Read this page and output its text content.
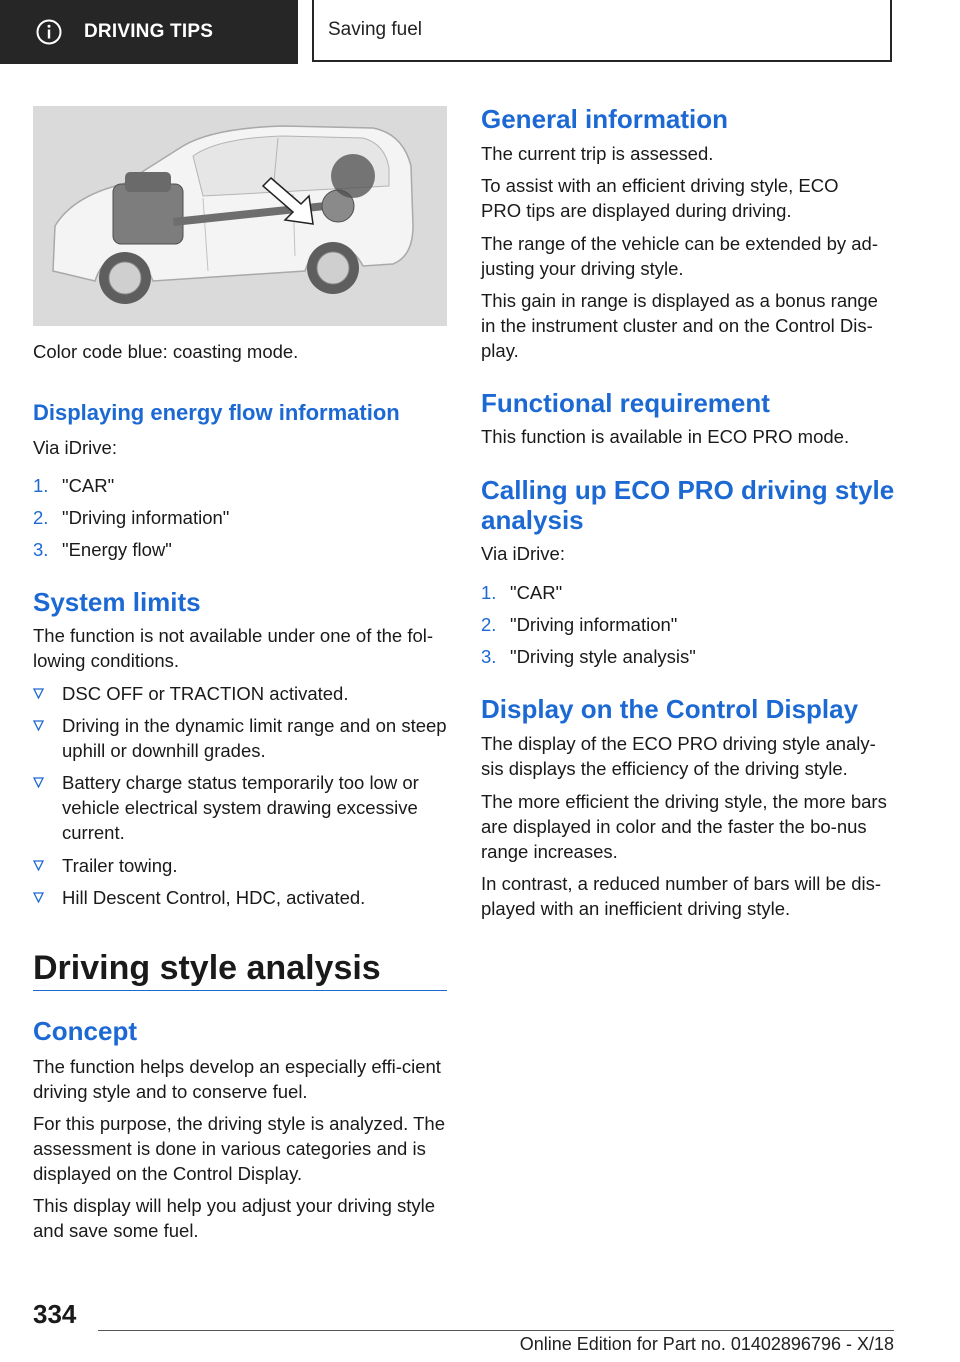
DRIVING TIPS	Saving fuel

Color code blue: coasting mode.

Displaying energy flow information

Via iDrive:

1. "CAR"
2. "Driving information"
3. "Energy flow"
System limits

The function is not available under one of the fol‐lowing conditions.

DSC OFF or TRACTION activated.
Driving in the dynamic limit range and on steep uphill or downhill grades.
Battery charge status temporarily too low or vehicle electrical system drawing excessive current.
Trailer towing.
Hill Descent Control, HDC, activated.
Driving style analysis
Concept

The function helps develop an especially effi‐cient driving style and to conserve fuel.

For this purpose, the driving style is analyzed. The assessment is done in various categories and is displayed on the Control Display.

This display will help you adjust your driving style and save some fuel.

General information

The current trip is assessed.

To assist with an efficient driving style, ECO PRO tips are displayed during driving.

The range of the vehicle can be extended by ad‐justing your driving style.

This gain in range is displayed as a bonus range in the instrument cluster and on the Control Dis‐play.

Functional requirement

This function is available in ECO PRO mode.

Calling up ECO PRO driving style analysis

Via iDrive:

1. "CAR"
2. "Driving information"
3. "Driving style analysis"
Display on the Control Display

The display of the ECO PRO driving style analy‐sis displays the efficiency of the driving style.

The more efficient the driving style, the more bars are displayed in color and the faster the bo‐nus range increases.

In contrast, a reduced number of bars will be dis‐played with an inefficient driving style.

334
Online Edition for Part no. 01402896796 - X/18
